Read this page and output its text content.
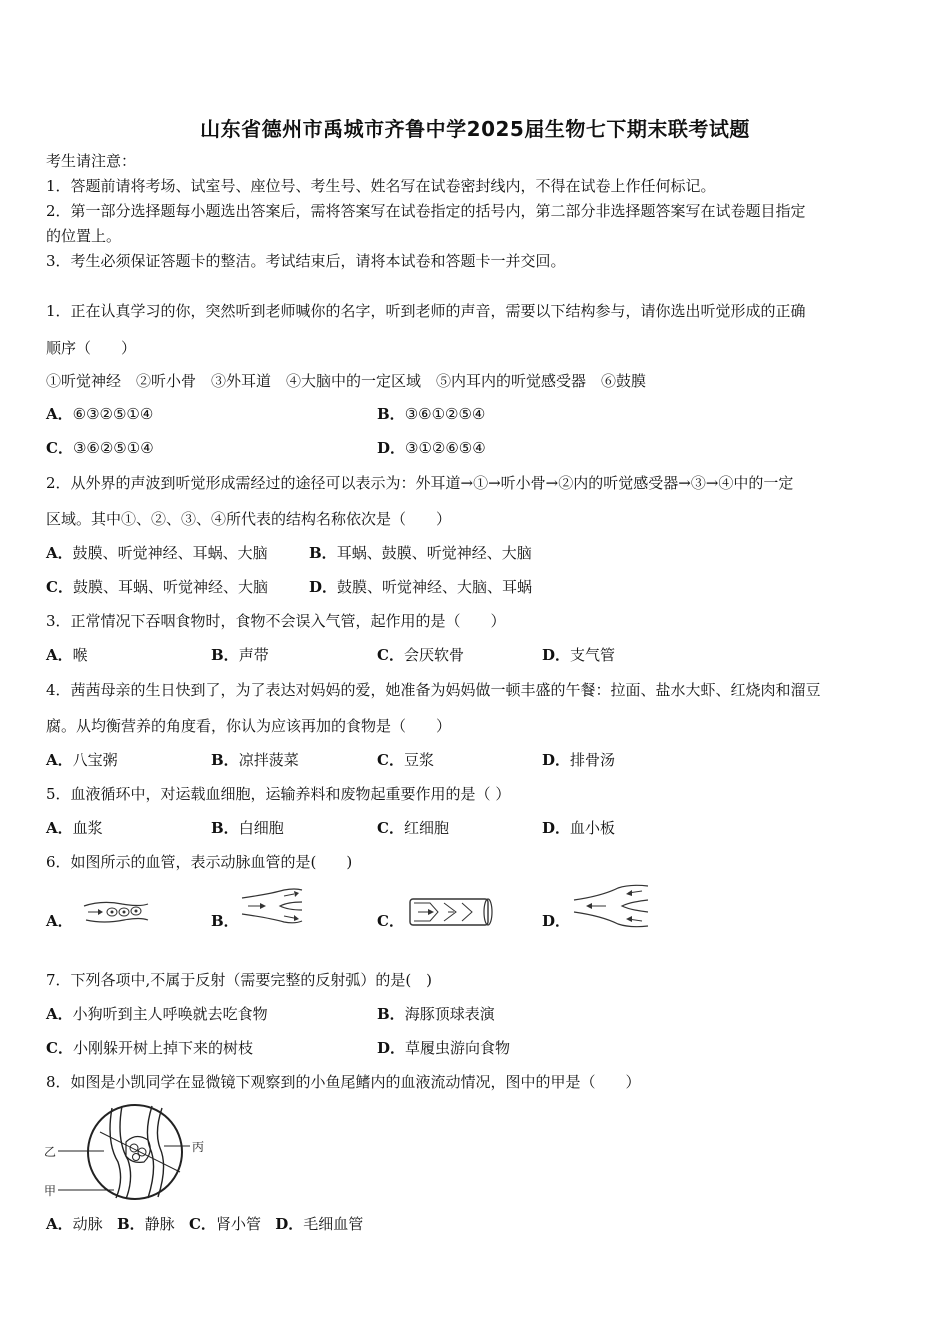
山东省德州市禹城市齐鲁中学2025届生物七下期末联考试题
考生请注意：
1．答题前请将考场、试室号、座位号、考生号、姓名写在试卷密封线内，不得在试卷上作任何标记。
2．第一部分选择题每小题选出答案后，需将答案写在试卷指定的括号内，第二部分非选择题答案写在试卷题目指定
的位置上。
3．考生必须保证答题卡的整洁。考试结束后，请将本试卷和答题卡一并交回。
1．正在认真学习的你，突然听到老师喊你的名字，听到老师的声音，需要以下结构参与，请你选出听觉形成的正确
顺序（　　）
①听觉神经　②听小骨　③外耳道　④大脑中的一定区域　⑤内耳内的听觉感受器　⑥鼓膜
A．⑥③②⑤①④	B．③⑥①②⑤④
C．③⑥②⑤①④	D．③①②⑥⑤④
2．从外界的声波到听觉形成需经过的途径可以表示为：外耳道→①→听小骨→②内的听觉感受器→③→④中的一定
区域。其中①、②、③、④所代表的结构名称依次是（　　）
A．鼓膜、听觉神经、耳蜗、大脑	B．耳蜗、鼓膜、听觉神经、大脑
C．鼓膜、耳蜗、听觉神经、大脑	D．鼓膜、听觉神经、大脑、耳蜗
3．正常情况下吞咽食物时，食物不会误入气管，起作用的是（　　）
A．喉	B．声带	C．会厌软骨	D．支气管
4．茜茜母亲的生日快到了，为了表达对妈妈的爱，她准备为妈妈做一顿丰盛的午餐：拉面、盐水大虾、红烧肉和溜豆
腐。从均衡营养的角度看，你认为应该再加的食物是（　　）
A．八宝粥	B．凉拌菠菜	C．豆浆	D．排骨汤
5．血液循环中，对运载血细胞，运输养料和废物起重要作用的是（ ）
A．血浆	B．白细胞	C．红细胞	D．血小板
6．如图所示的血管，表示动脉血管的是(　　)
A．	B．	C．	D．
7．下列各项中,不属于反射（需要完整的反射弧）的是(　)
A．小狗听到主人呼唤就去吃食物	B．海豚顶球表演
C．小刚躲开树上掉下来的树枝	D．草履虫游向食物
8．如图是小凯同学在显微镜下观察到的小鱼尾鳍内的血液流动情况，图中的甲是（　　）
乙	丙
甲
A．动脉 B．静脉 C．肾小管 D．毛细血管
